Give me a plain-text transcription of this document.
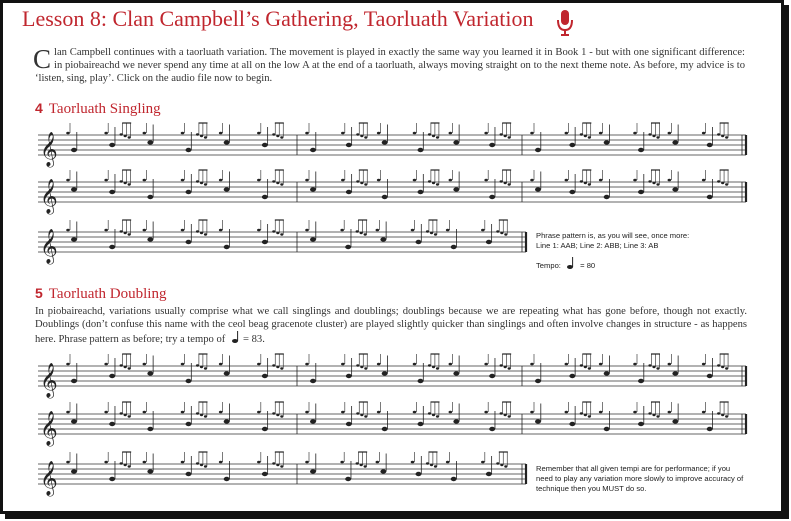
Lesson 8: Clan Campbell’s Gathering, Taorluath Variation
Clan Campbell continues with a taorluath variation. The movement is played in exactly the same way you learned it in Book 1 - but with one significant difference: in piobaireachd we never spend any time at all on the low A at the end of a taorluath, always moving straight on to the next theme note. As before, my advice is to ‘listen, sing, play’. Click on the audio file now to begin.
4 Taorluath Singling
5 Taorluath Doubling
In piobaireachd, variations usually comprise what we call singlings and doublings; doublings because we are repeating what has gone before, though not exactly. Doublings (don’t confuse this name with the ceol beag gracenote cluster) are played slightly quicker than singlings and often involve changes in structure - as happens here. Phrase pattern as before; try a tempo of = 83.
Phrase pattern is, as you will see, once more:
Line 1: AAB; Line 2: ABB; Line 3: AB
Tempo:	= 80
Remember that all given tempi are for performance; if you need to play any variation more slowly to improve accuracy of technique then you MUST do so.
𝄞
𝄞
𝄞
𝄞
𝄞
𝄞
